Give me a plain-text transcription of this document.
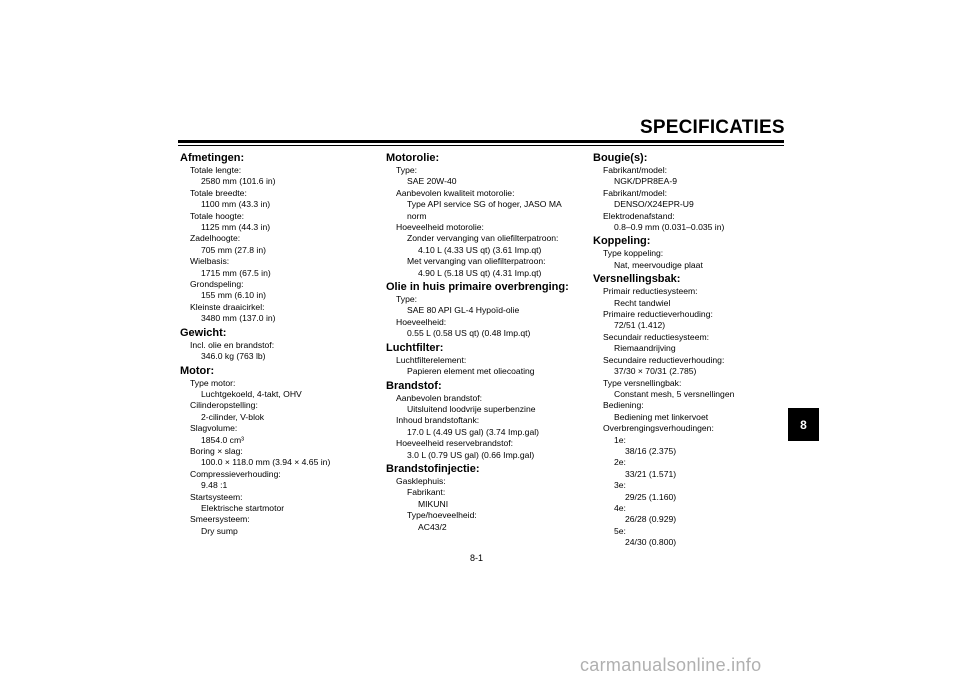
SPECIFICATIES
Afmetingen:
Totale lengte:
2580 mm (101.6 in)
Totale breedte:
1100 mm (43.3 in)
Totale hoogte:
1125 mm (44.3 in)
Zadelhoogte:
705 mm (27.8 in)
Wielbasis:
1715 mm (67.5 in)
Grondspeling:
155 mm (6.10 in)
Kleinste draaicirkel:
3480 mm (137.0 in)
Gewicht:
Incl. olie en brandstof:
346.0 kg (763 lb)
Motor:
Type motor:
Luchtgekoeld, 4-takt, OHV
Cilinderopstelling:
2-cilinder, V-blok
Slagvolume:
1854.0 cm³
Boring × slag:
100.0 × 118.0 mm (3.94 × 4.65 in)
Compressieverhouding:
9.48 :1
Startsysteem:
Elektrische startmotor
Smeersysteem:
Dry sump
Motorolie:
Type:
SAE 20W-40
Aanbevolen kwaliteit motorolie:
Type API service SG of hoger, JASO MA
norm
Hoeveelheid motorolie:
Zonder vervanging van oliefilterpatroon:
4.10 L (4.33 US qt) (3.61 Imp.qt)
Met vervanging van oliefilterpatroon:
4.90 L (5.18 US qt) (4.31 Imp.qt)
Olie in huis primaire overbrenging:
Type:
SAE 80 API GL-4 Hypoïd-olie
Hoeveelheid:
0.55 L (0.58 US qt) (0.48 Imp.qt)
Luchtfilter:
Luchtfilterelement:
Papieren element met oliecoating
Brandstof:
Aanbevolen brandstof:
Uitsluitend loodvrije superbenzine
Inhoud brandstoftank:
17.0 L (4.49 US gal) (3.74 Imp.gal)
Hoeveelheid reservebrandstof:
3.0 L (0.79 US gal) (0.66 Imp.gal)
Brandstofinjectie:
Gasklephuis:
Fabrikant:
MIKUNI
Type/hoeveelheid:
AC43/2
Bougie(s):
Fabrikant/model:
NGK/DPR8EA-9
Fabrikant/model:
DENSO/X24EPR-U9
Elektrodenafstand:
0.8–0.9 mm (0.031–0.035 in)
Koppeling:
Type koppeling:
Nat, meervoudige plaat
Versnellingsbak:
Primair reductiesysteem:
Recht tandwiel
Primaire reductieverhouding:
72/51 (1.412)
Secundair reductiesysteem:
Riemaandrijving
Secundaire reductieverhouding:
37/30 × 70/31 (2.785)
Type versnellingbak:
Constant mesh, 5 versnellingen
Bediening:
Bediening met linkervoet
Overbrengingsverhoudingen:
1e:
38/16 (2.375)
2e:
33/21 (1.571)
3e:
29/25 (1.160)
4e:
26/28 (0.929)
5e:
24/30 (0.800)
8-1
8
carmanualsonline.info
